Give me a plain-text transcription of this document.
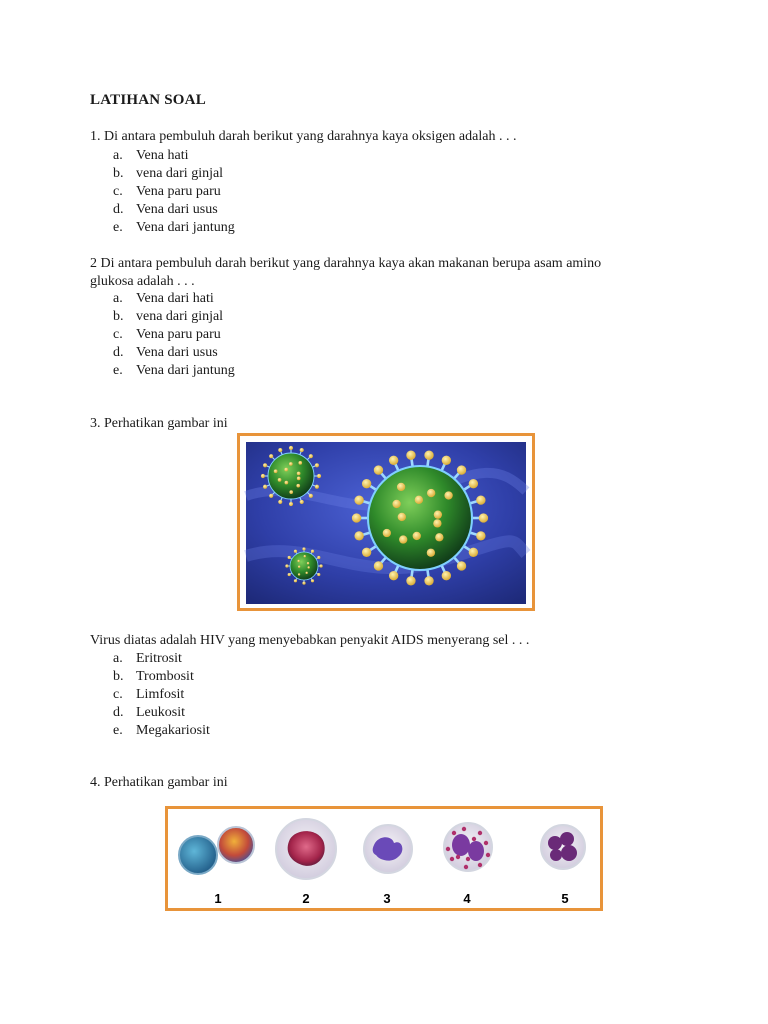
LATIHAN SOAL
1. Di antara pembuluh darah berikut yang darahnya kaya oksigen adalah . . .
a. Vena hati
b. vena dari ginjal
c. Vena paru paru
d. Vena dari usus
e. Vena dari jantung
2 Di antara pembuluh darah berikut yang darahnya kaya akan makanan berupa asam amino
glukosa adalah . . .
a. Vena dari hati
b. vena dari ginjal
c. Vena paru paru
d. Vena dari usus
e. Vena dari jantung
3. Perhatikan gambar ini
Virus diatas adalah HIV yang menyebabkan penyakit AIDS menyerang sel . . .
a. Eritrosit
b. Trombosit
c. Limfosit
d. Leukosit
e. Megakariosit
4. Perhatikan gambar ini
1	2	3	4	5
